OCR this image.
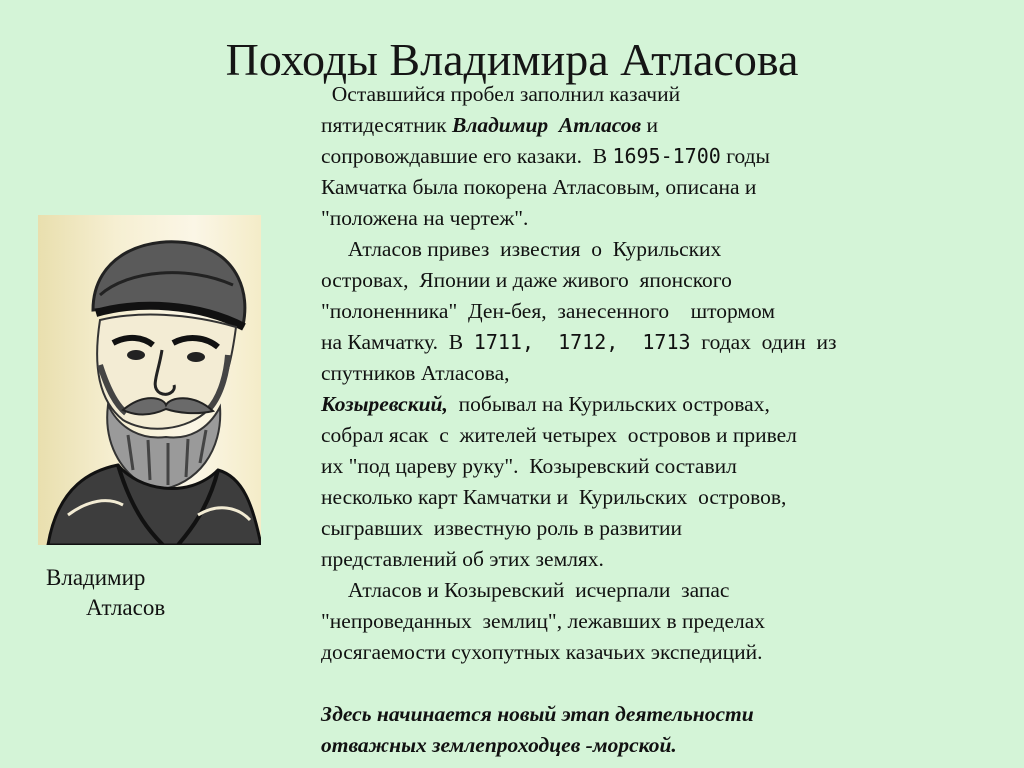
Походы Владимира Атласова
Владимир
Атласов
Оставшийся пробел заполнил казачий
пятидесятник Владимир  Атласов и
сопровождавшие его казаки.  В 1695-1700 годы
Камчатка была покорена Атласовым, описана и
"положена на чертеж".
Атласов привез  известия  о  Курильских
островах,  Японии и даже живого  японского
"полоненника"  Ден-бея,  занесенного    штормом
на Камчатку.  В  1711,  1712,  1713  годах  один  из
спутников Атласова,
Козыревский,  побывал на Курильских островах,
собрал ясак  с  жителей четырех  островов и привел
их "под цареву руку".  Козыревский составил
несколько карт Камчатки и  Курильских  островов,
сыгравших  известную роль в развитии
представлений об этих землях.
Атласов и Козыревский  исчерпали  запас
"непроведанных  землиц", лежавших в пределах
досягаемости сухопутных казачьих экспедиций.
Здесь начинается новый этап деятельности
отважных землепроходцев -морской.
